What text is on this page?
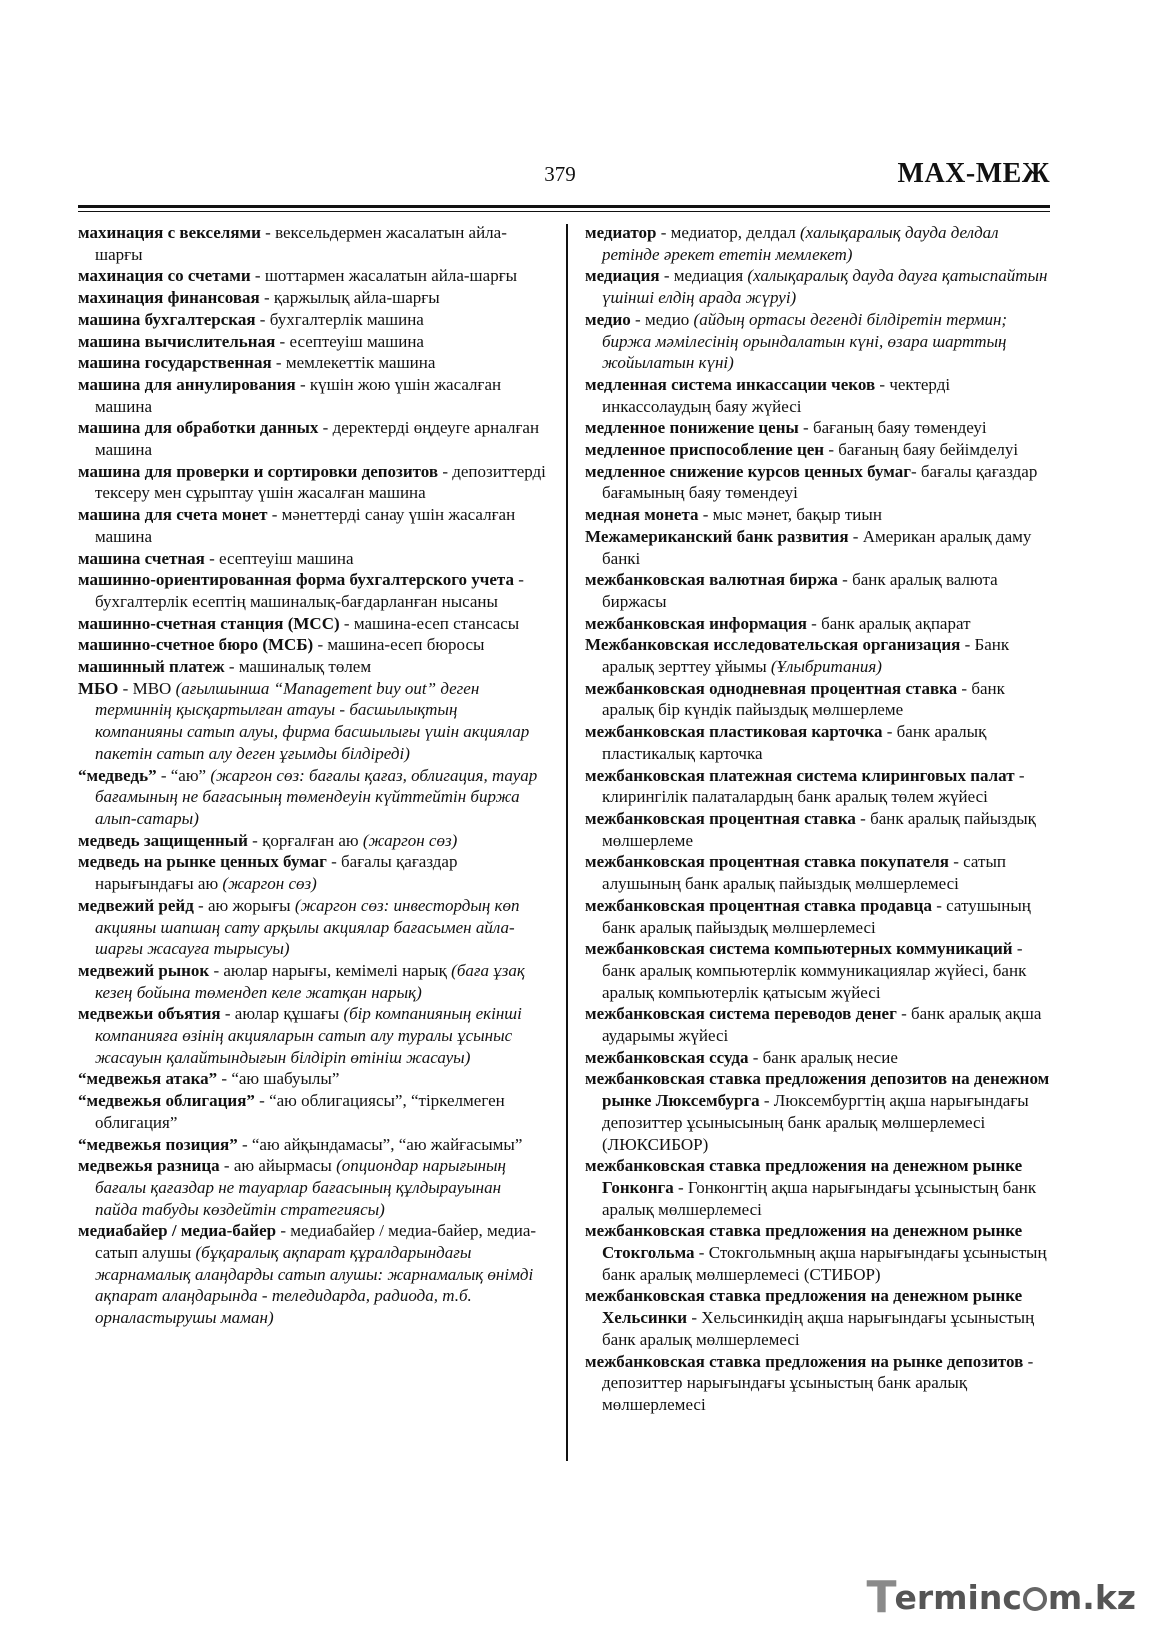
379	МАХ-МЕЖ
махинация с векселями - вексельдермен жасалатын айла-шарғы
махинация со счетами - шоттармен жасалатын айла-шарғы
махинация финансовая - қаржылық айла-шарғы
машина бухгалтерская - бухгалтерлік машина
машина вычислительная - есептеуіш машина
машина государственная - мемлекеттік машина
машина для аннулирования - күшін жою үшін жасалған машина
машина для обработки данных - деректерді өңдеуге арналған машина
машина для проверки и сортировки депозитов - депозиттерді тексеру мен сұрыптау үшін жасалған машина
машина для счета монет - мәнеттерді санау үшін жасалған машина
машина счетная - есептеуіш машина
машинно-ориентированная форма бухгалтерского учета - бухгалтерлік есептің машиналық-бағдарланған нысаны
машинно-счетная станция (МСС) - машина-есеп стансасы
машинно-счетное бюро (МСБ) - машина-есеп бюросы
машинный платеж - машиналық төлем
МБО - MBO (ағылшынша “Management buy out” деген терминнің қысқартылған атауы - басшылықтың компанияны сатып алуы, фирма басшылығы үшін акциялар пакетін сатып алу деген ұғымды білдіреді)
“медведь” - “аю” (жаргон сөз: бағалы қағаз, облигация, тауар бағамының не бағасының төмендеуін күйттейтін биржа алып-сатары)
медведь защищенный - қорғалған аю (жаргон сөз)
медведь на рынке ценных бумаг - бағалы қағаздар нарығындағы аю (жаргон сөз)
медвежий рейд - аю жорығы (жаргон сөз: инвестордың көп акцияны шапшаң сату арқылы акциялар бағасымен айла-шарғы жасауға тырысуы)
медвежий рынок - аюлар нарығы, кемімелі нарық (баға ұзақ кезең бойына төмендеп келе жатқан нарық)
медвежьи объятия - аюлар құшағы (бір компанияның екінші компанияға өзінің акцияларын сатып алу туралы ұсыныс жасауын қалайтындығын білдіріп өтініш жасауы)
“медвежья атака” - “аю шабуылы”
“медвежья облигация” - “аю облигациясы”, “тіркелмеген облигация”
“медвежья позиция” - “аю айқындамасы”, “аю жайғасымы”
медвежья разница - аю айырмасы (опциондар нарығының бағалы қағаздар не тауарлар бағасының құлдырауынан пайда табуды көздейтін стратегиясы)
медиабайер / медиа-байер - медиабайер / медиа-байер, медиа-сатып алушы (бұқаралық ақпарат құралдарындағы жарнамалық алаңдарды сатып алушы: жарнамалық өнімді ақпарат алаңдарында - теледидарда, радиода, т.б. орналастырушы маман)
медиатор - медиатор, делдал (халықаралық дауда делдал ретінде әрекет ететін мемлекет)
медиация - медиация (халықаралық дауда дауға қатыспайтын үшінші елдің арада жүруі)
медио - медио (айдың ортасы дегенді білдіретін термин; биржа мәмілесінің орындалатын күні, өзара шарттың жойылатын күні)
медленная система инкассации чеков - чектерді инкассолаудың баяу жүйесі
медленное понижение цены - бағаның баяу төмендеуі
медленное приспособление цен - бағаның баяу бейімделуі
медленное снижение курсов ценных бумаг- бағалы қағаздар бағамының баяу төмендеуі
медная монета - мыс мәнет, бақыр тиын
Межамериканский банк развития - Американ аралық даму банкі
межбанковская валютная биржа - банк аралық валюта биржасы
межбанковская информация - банк аралық ақпарат
Межбанковская исследовательская организация - Банк аралық зерттеу ұйымы (Ұлыбритания)
межбанковская однодневная процентная ставка - банк аралық бір күндік пайыздық мөлшерлеме
межбанковская пластиковая карточка - банк аралық пластикалық карточка
межбанковская платежная система клиринговых палат - клирингілік палаталардың банк аралық төлем жүйесі
межбанковская процентная ставка - банк аралық пайыздық мөлшерлеме
межбанковская процентная ставка покупателя - сатып алушының банк аралық пайыздық мөлшерлемесі
межбанковская процентная ставка продавца - сатушының банк аралық пайыздық мөлшерлемесі
межбанковская система компьютерных коммуникаций - банк аралық компьютерлік коммуникациялар жүйесі, банк аралық компьютерлік қатысым жүйесі
межбанковская система переводов денег - банк аралық ақша аударымы жүйесі
межбанковская ссуда - банк аралық несие
межбанковская ставка предложения депозитов на денежном рынке Люксембурга - Люксембургтің ақша нарығындағы депозиттер ұсынысының банк аралық мөлшерлемесі (ЛЮКСИБОР)
межбанковская ставка предложения на денежном рынке Гонконга - Гонконгтің ақша нарығындағы ұсыныстың банк аралық мөлшерлемесі
межбанковская ставка предложения на денежном рынке Стокгольма - Стокгольмның ақша нарығындағы ұсыныстың банк аралық мөлшерлемесі (СТИБОР)
межбанковская ставка предложения на денежном рынке Хельсинки - Хельсинкидің ақша нарығындағы ұсыныстың банк аралық мөлшерлемесі
межбанковская ставка предложения на рынке депозитов - депозиттер нарығындағы ұсыныстың банк аралық мөлшерлемесі
T
erminc m.kz
